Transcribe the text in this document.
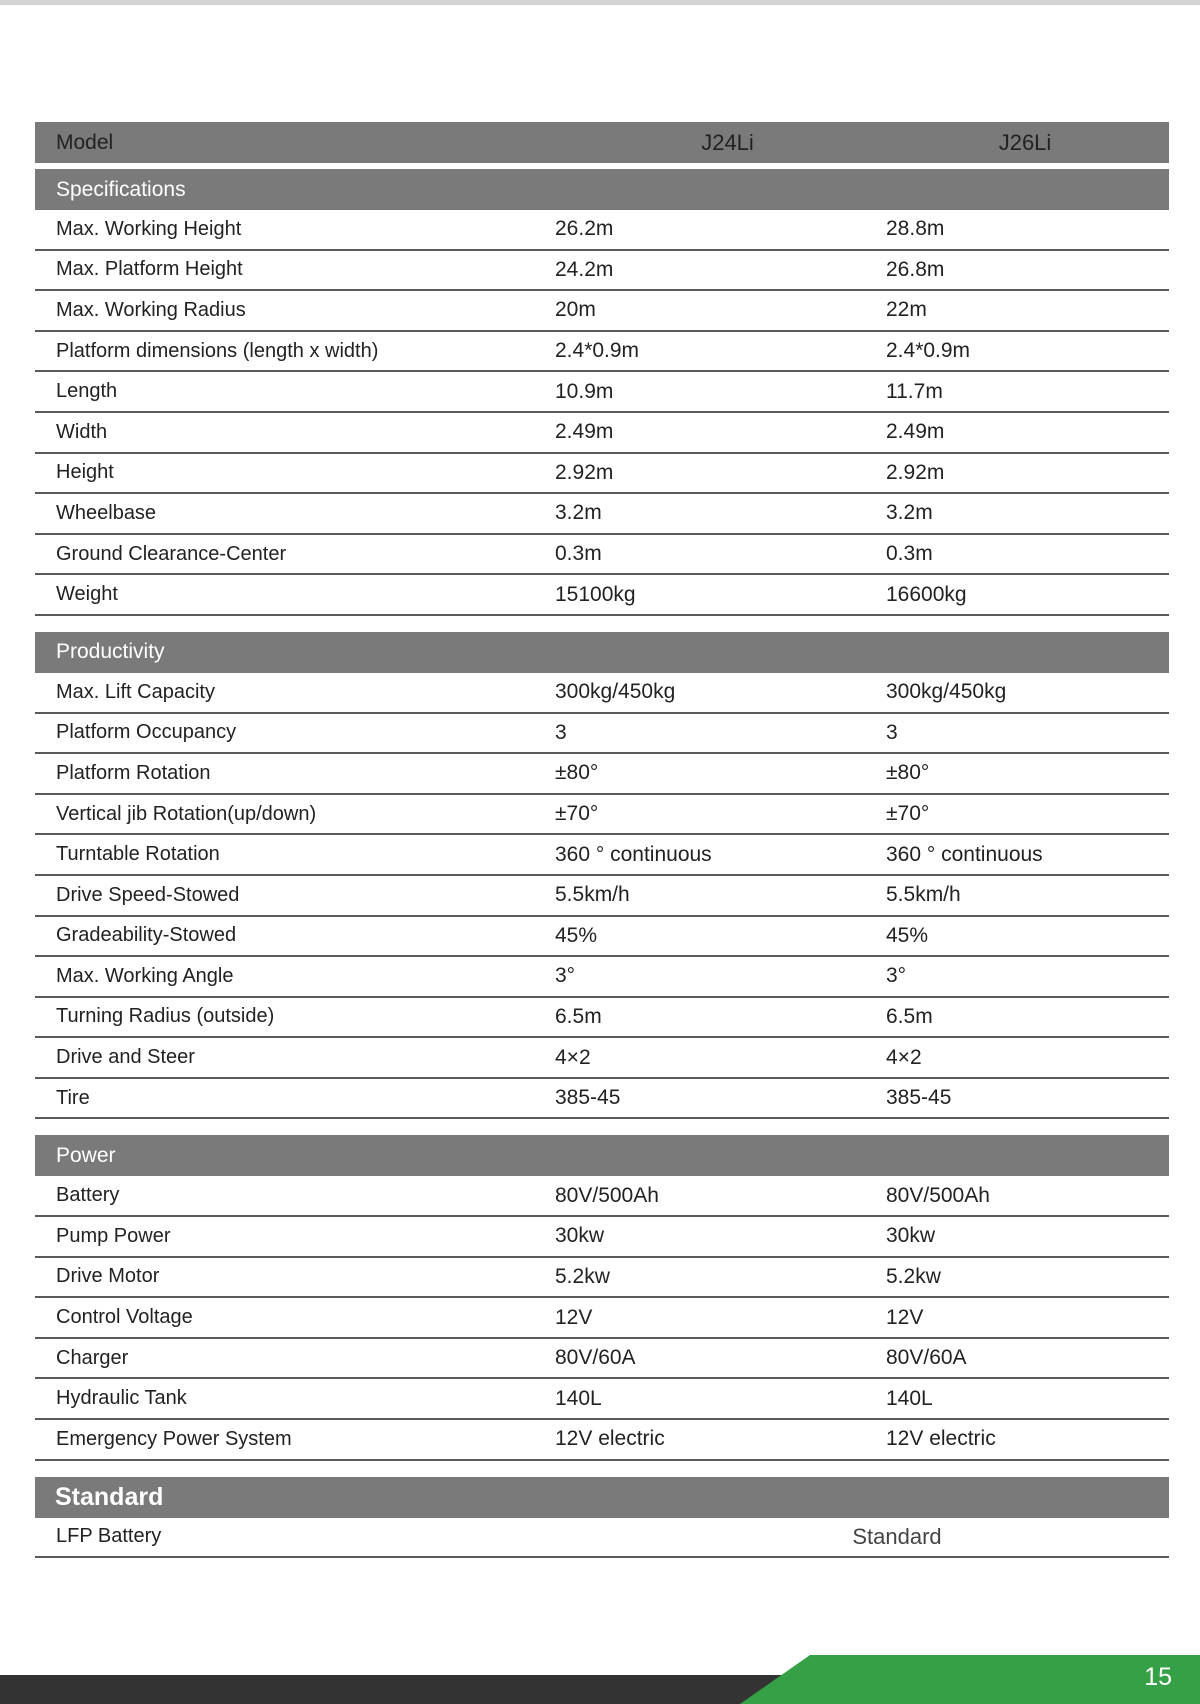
Model	J24Li	J26Li
Specifications
Max. Working Height	26.2m	28.8m
Max. Platform Height	24.2m	26.8m
Max. Working Radius	20m	22m
Platform dimensions (length x width)	2.4*0.9m	2.4*0.9m
Length	10.9m	11.7m
Width	2.49m	2.49m
Height	2.92m	2.92m
Wheelbase	3.2m	3.2m
Ground Clearance-Center	0.3m	0.3m
Weight	15100kg	16600kg
Productivity
Max. Lift Capacity	300kg/450kg	300kg/450kg
Platform Occupancy	3	3
Platform Rotation	±80°	±80°
Vertical jib Rotation(up/down)	±70°	±70°
Turntable Rotation	360 ° continuous	360 ° continuous
Drive Speed-Stowed	5.5km/h	5.5km/h
Gradeability-Stowed	45%	45%
Max. Working Angle	3°	3°
Turning Radius (outside)	6.5m	6.5m
Drive and Steer	4×2	4×2
Tire	385-45	385-45
Power
Battery	80V/500Ah	80V/500Ah
Pump Power	30kw	30kw
Drive Motor	5.2kw	5.2kw
Control Voltage	12V	12V
Charger	80V/60A	80V/60A
Hydraulic Tank	140L	140L
Emergency Power System	12V electric	12V electric
Standard
LFP Battery	Standard
15
